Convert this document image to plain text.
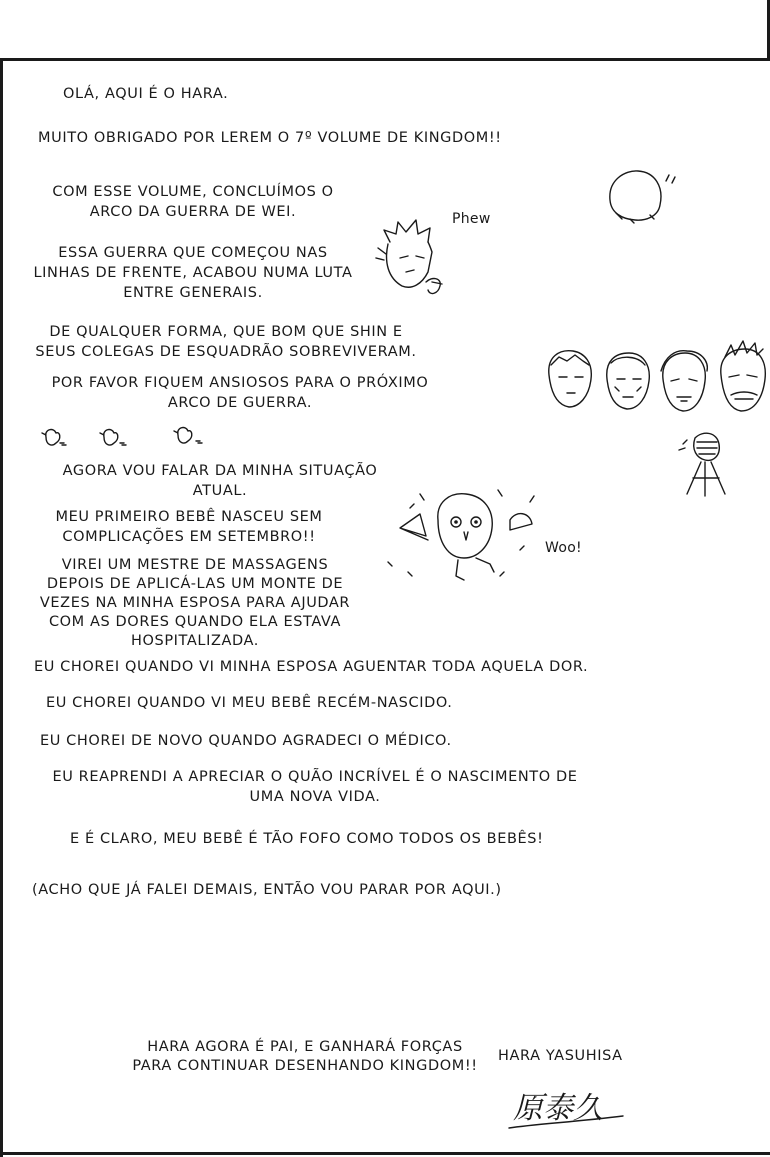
OLÁ, AQUI É O HARA.
MUITO OBRIGADO POR LEREM O 7º VOLUME DE KINGDOM!!
COM ESSE VOLUME, CONCLUÍMOS O
ARCO DA GUERRA DE WEI.
ESSA GUERRA QUE COMEÇOU NAS
LINHAS DE FRENTE, ACABOU NUMA LUTA
ENTRE GENERAIS.
DE QUALQUER FORMA, QUE BOM QUE SHIN E
SEUS COLEGAS DE ESQUADRÃO SOBREVIVERAM.
POR FAVOR FIQUEM ANSIOSOS PARA O PRÓXIMO
ARCO DE GUERRA.
AGORA VOU FALAR DA MINHA SITUAÇÃO
ATUAL.
MEU PRIMEIRO BEBÊ NASCEU SEM
COMPLICAÇÕES EM SETEMBRO!!
VIREI UM MESTRE DE MASSAGENS
DEPOIS DE APLICÁ-LAS UM MONTE DE
VEZES NA MINHA ESPOSA PARA AJUDAR
COM AS DORES QUANDO ELA ESTAVA
HOSPITALIZADA.
EU CHOREI QUANDO VI MINHA ESPOSA AGUENTAR TODA AQUELA DOR.
EU CHOREI QUANDO VI MEU BEBÊ RECÉM-NASCIDO.
EU CHOREI DE NOVO QUANDO AGRADECI O MÉDICO.
EU REAPRENDI A APRECIAR O QUÃO INCRÍVEL É O NASCIMENTO DE
UMA NOVA VIDA.
E É CLARO, MEU BEBÊ É TÃO FOFO COMO TODOS OS BEBÊS!
(ACHO QUE JÁ FALEI DEMAIS, ENTÃO VOU PARAR POR AQUI.)
HARA AGORA É PAI, E GANHARÁ FORÇAS
PARA CONTINUAR DESENHANDO KINGDOM!!
HARA YASUHISA
Phew
Woo!
原泰久
